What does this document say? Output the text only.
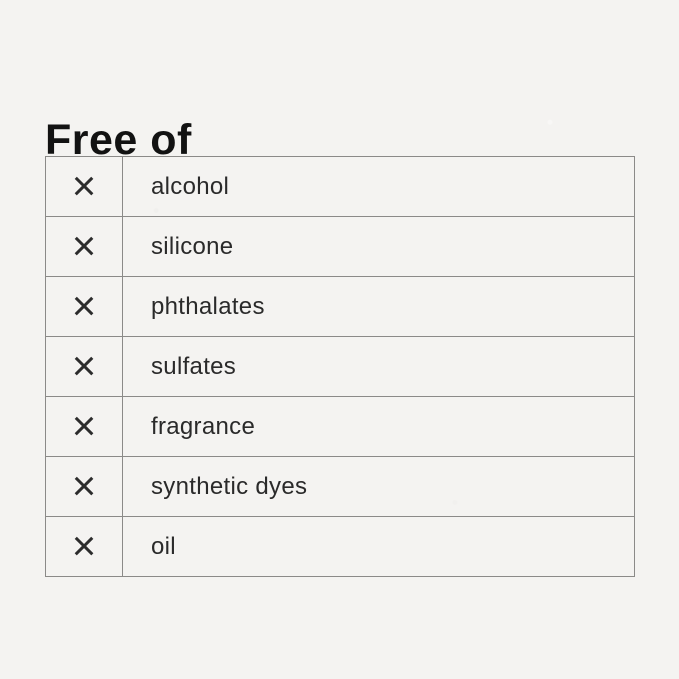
Free of
×	alcohol
×	silicone
×	phthalates
×	sulfates
×	fragrance
×	synthetic dyes
×	oil
